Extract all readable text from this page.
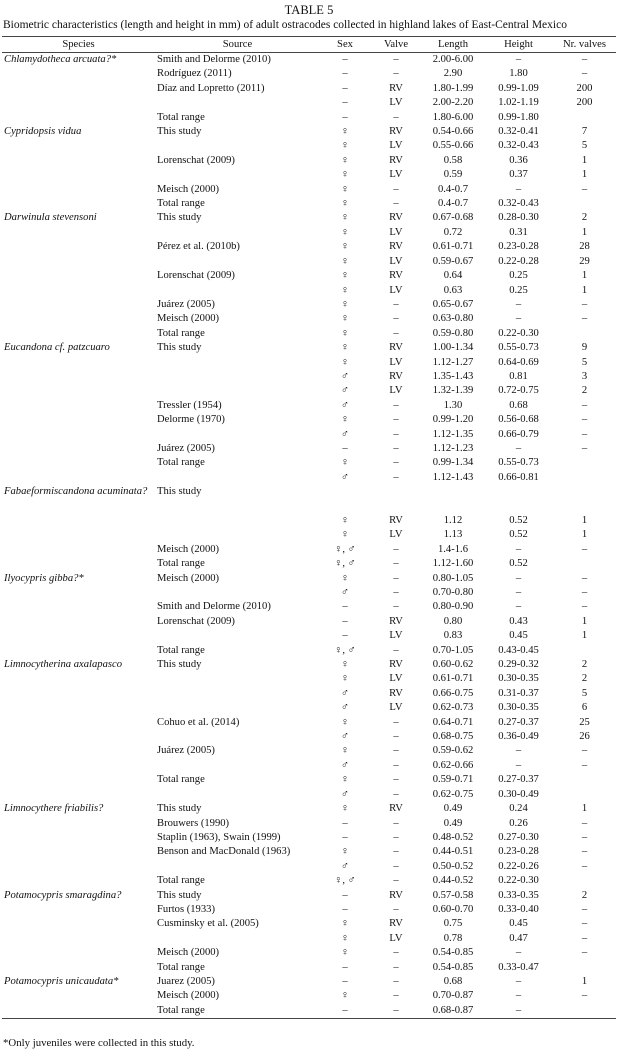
TABLE 5
Biometric characteristics (length and height in mm) of adult ostracodes collected in highland lakes of East-Central Mexico
Species	Source	Sex	Valve	Length	Height	Nr. valves
Chlamydotheca arcuata?*	Smith and Delorme (2010)	–	–	2.00-6.00	–	–
	Rodríguez (2011)	–	–	2.90	1.80	–
	Díaz and Lopretto (2011)	–	RV	1.80-1.99	0.99-1.09	200
		–	LV	2.00-2.20	1.02-1.19	200
	Total range	–	–	1.80-6.00	0.99-1.80	
Cypridopsis vidua	This study	♀	RV	0.54-0.66	0.32-0.41	7
		♀	LV	0.55-0.66	0.32-0.43	5
	Lorenschat (2009)	♀	RV	0.58	0.36	1
		♀	LV	0.59	0.37	1
	Meisch (2000)	♀	–	0.4-0.7	–	–
	Total range	♀	–	0.4-0.7	0.32-0.43	
Darwinula stevensoni	This study	♀	RV	0.67-0.68	0.28-0.30	2
		♀	LV	0.72	0.31	1
	Pérez et al. (2010b)	♀	RV	0.61-0.71	0.23-0.28	28
		♀	LV	0.59-0.67	0.22-0.28	29
	Lorenschat (2009)	♀	RV	0.64	0.25	1
		♀	LV	0.63	0.25	1
	Juárez (2005)	♀	–	0.65-0.67	–	–
	Meisch (2000)	♀	–	0.63-0.80	–	–
	Total range	♀	–	0.59-0.80	0.22-0.30	
Eucandona cf. patzcuaro	This study	♀	RV	1.00-1.34	0.55-0.73	9
		♀	LV	1.12-1.27	0.64-0.69	5
		♂	RV	1.35-1.43	0.81	3
		♂	LV	1.32-1.39	0.72-0.75	2
	Tressler (1954)	♂	–	1.30	0.68	–
	Delorme (1970)	♀	–	0.99-1.20	0.56-0.68	–
		♂	–	1.12-1.35	0.66-0.79	–
	Juárez (2005)	–	–	1.12-1.23	–	–
	Total range	♀	–	0.99-1.34	0.55-0.73	
		♂	–	1.12-1.43	0.66-0.81	
Fabaeformiscandona acuminata?	This study					
		♀	RV	1.12	0.52	1
		♀	LV	1.13	0.52	1
	Meisch (2000)	♀, ♂	–	1.4-1.6	–	–
	Total range	♀, ♂	–	1.12-1.60	0.52	
Ilyocypris gibba?*	Meisch (2000)	♀	–	0.80-1.05	–	–
		♂	–	0.70-0.80	–	–
	Smith and Delorme (2010)	–	–	0.80-0.90	–	–
	Lorenschat (2009)	–	RV	0.80	0.43	1
		–	LV	0.83	0.45	1
	Total range	♀, ♂	–	0.70-1.05	0.43-0.45	
Limnocytherina axalapasco	This study	♀	RV	0.60-0.62	0.29-0.32	2
		♀	LV	0.61-0.71	0.30-0.35	2
		♂	RV	0.66-0.75	0.31-0.37	5
		♂	LV	0.62-0.73	0.30-0.35	6
	Cohuo et al. (2014)	♀	–	0.64-0.71	0.27-0.37	25
		♂	–	0.68-0.75	0.36-0.49	26
	Juárez (2005)	♀	–	0.59-0.62	–	–
		♂	–	0.62-0.66	–	–
	Total range	♀	–	0.59-0.71	0.27-0.37	
		♂	–	0.62-0.75	0.30-0.49	
Limnocythere friabilis?	This study	♀	RV	0.49	0.24	1
	Brouwers (1990)	–	–	0.49	0.26	–
	Staplin (1963), Swain (1999)	–	–	0.48-0.52	0.27-0.30	–
	Benson and MacDonald (1963)	♀	–	0.44-0.51	0.23-0.28	–
		♂	–	0.50-0.52	0.22-0.26	–
	Total range	♀, ♂	–	0.44-0.52	0.22-0.30	
Potamocypris smaragdina?	This study	–	RV	0.57-0.58	0.33-0.35	2
	Furtos (1933)	–	–	0.60-0.70	0.33-0.40	–
	Cusminsky et al. (2005)	♀	RV	0.75	0.45	–
		♀	LV	0.78	0.47	–
	Meisch (2000)	♀	–	0.54-0.85	–	–
	Total range	–	–	0.54-0.85	0.33-0.47	
Potamocypris unicaudata*	Juarez (2005)	–	–	0.68	–	1
	Meisch (2000)	♀	–	0.70-0.87	–	–
	Total range	–	–	0.68-0.87	–	
*Only juveniles were collected in this study.
